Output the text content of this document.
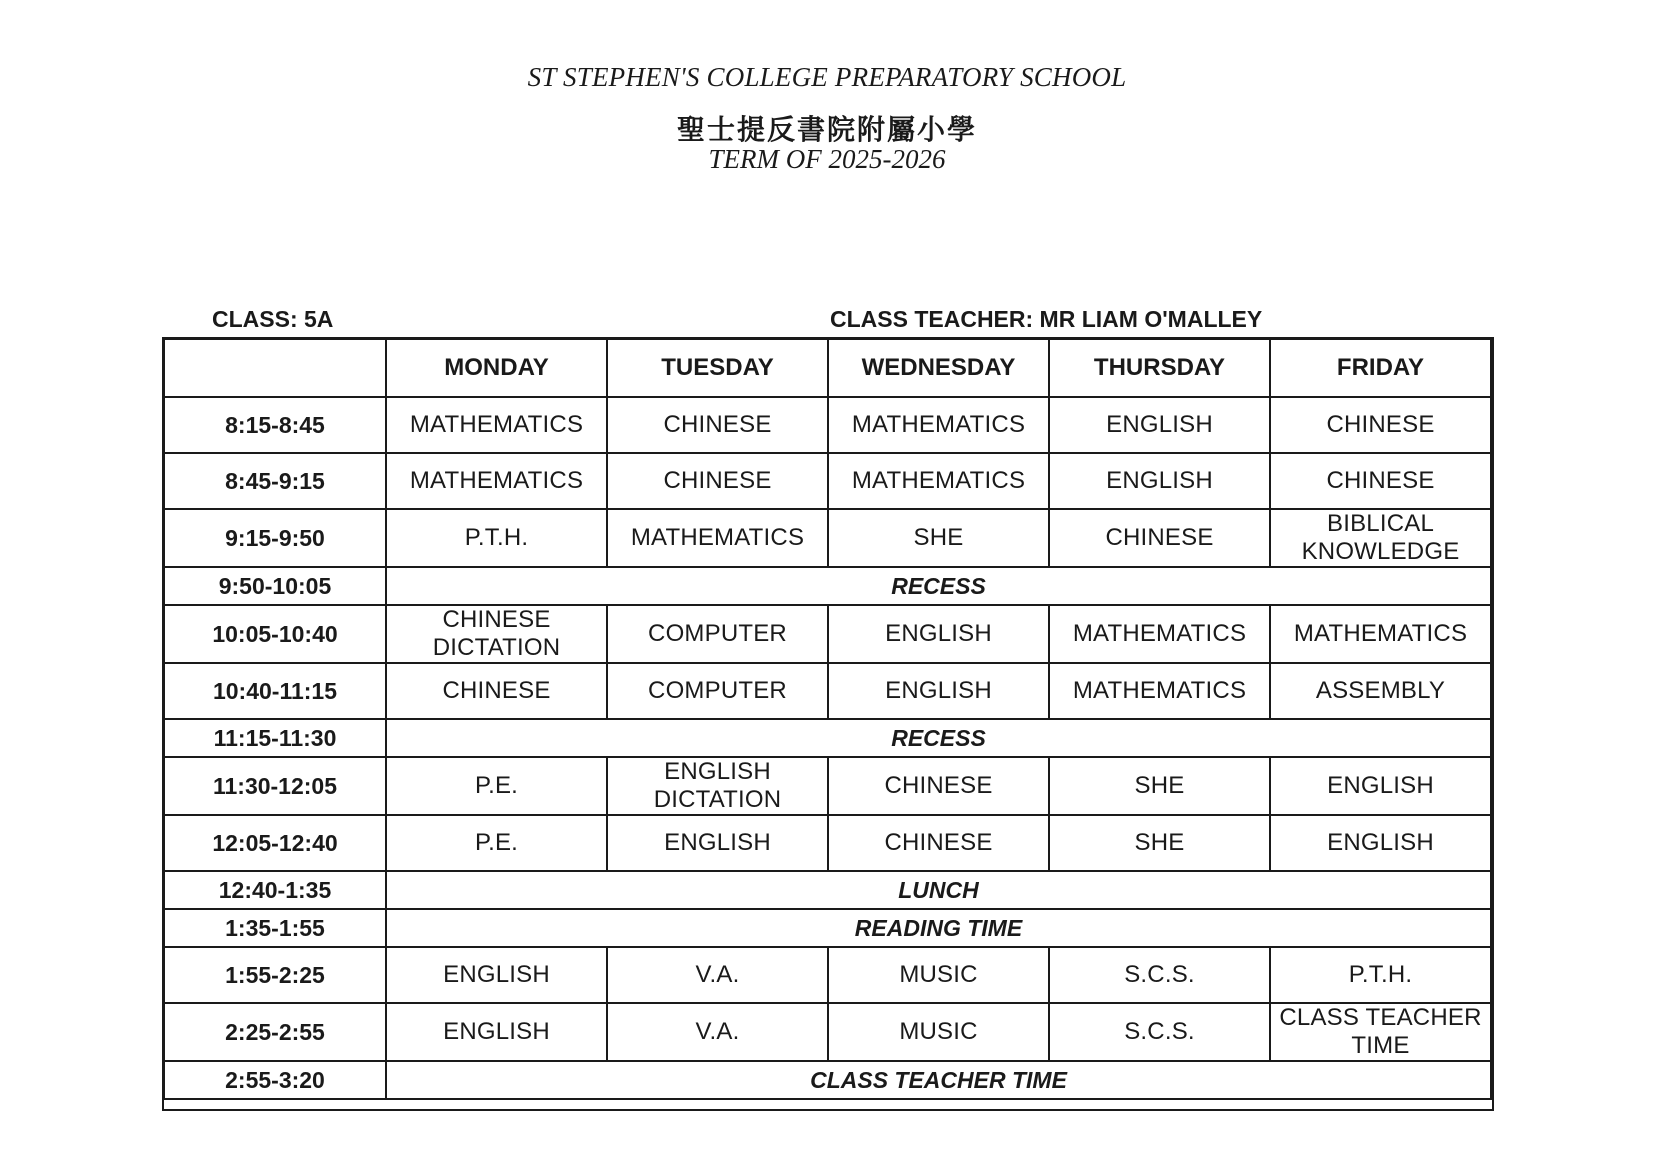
ST STEPHEN'S COLLEGE PREPARATORY SCHOOL
聖士提反書院附屬小學
TERM OF 2025-2026
CLASS: 5A	CLASS TEACHER: MR LIAM O'MALLEY
	MONDAY	TUESDAY	WEDNESDAY	THURSDAY	FRIDAY
8:15-8:45	MATHEMATICS	CHINESE	MATHEMATICS	ENGLISH	CHINESE
8:45-9:15	MATHEMATICS	CHINESE	MATHEMATICS	ENGLISH	CHINESE
9:15-9:50	P.T.H.	MATHEMATICS	SHE	CHINESE	BIBLICAL KNOWLEDGE
9:50-10:05	RECESS				
10:05-10:40	CHINESE DICTATION	COMPUTER	ENGLISH	MATHEMATICS	MATHEMATICS
10:40-11:15	CHINESE	COMPUTER	ENGLISH	MATHEMATICS	ASSEMBLY
11:15-11:30	RECESS				
11:30-12:05	P.E.	ENGLISH DICTATION	CHINESE	SHE	ENGLISH
12:05-12:40	P.E.	ENGLISH	CHINESE	SHE	ENGLISH
12:40-1:35	LUNCH				
1:35-1:55	READING TIME				
1:55-2:25	ENGLISH	V.A.	MUSIC	S.C.S.	P.T.H.
2:25-2:55	ENGLISH	V.A.	MUSIC	S.C.S.	CLASS TEACHER TIME
2:55-3:20	CLASS TEACHER TIME				
